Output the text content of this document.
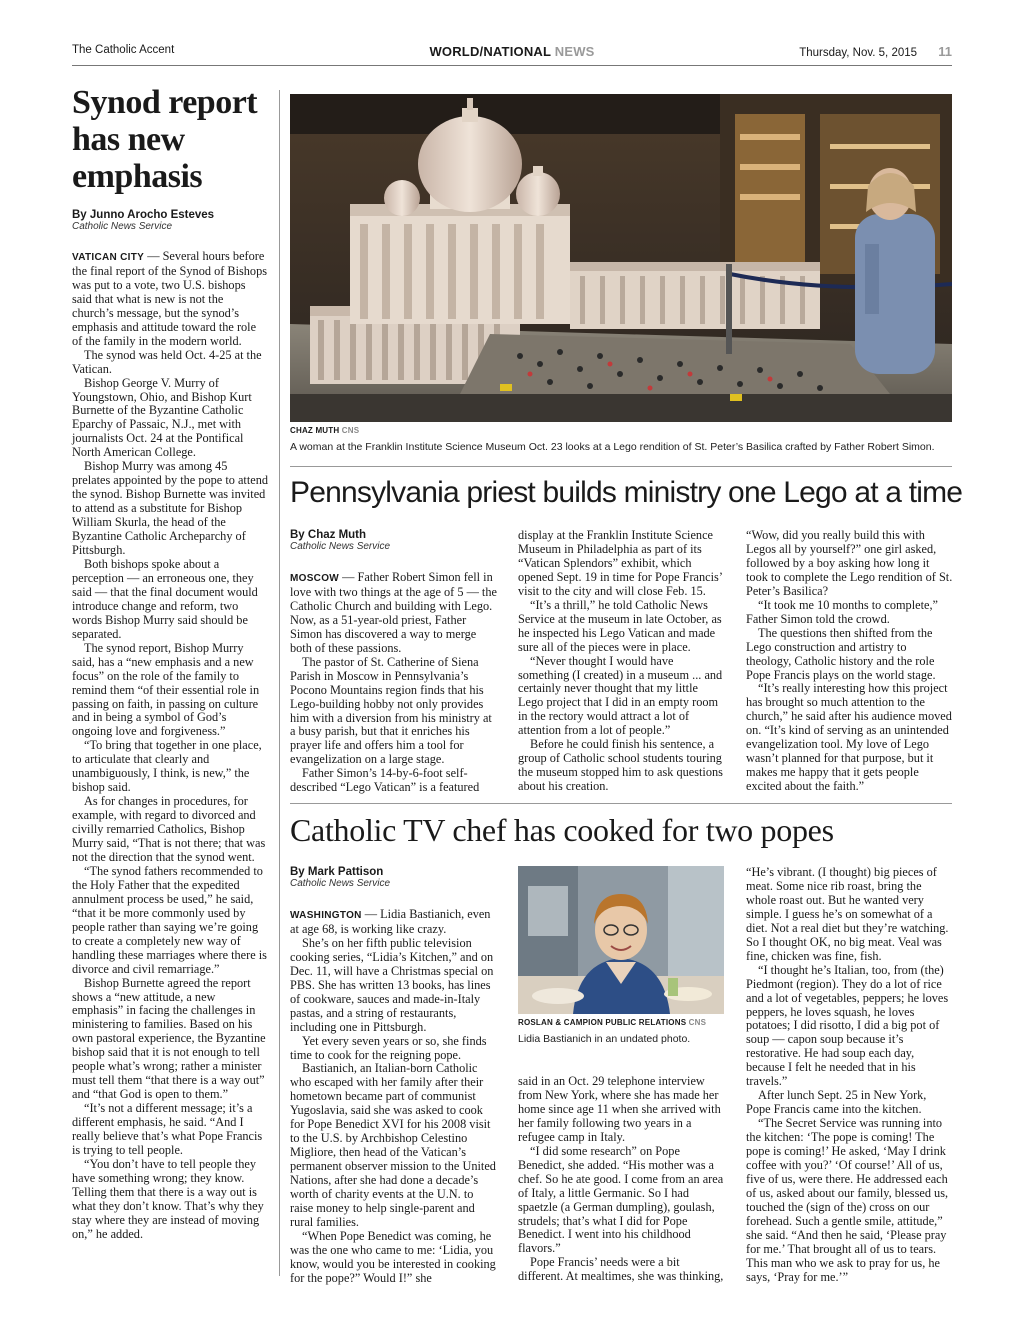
The Catholic Accent	WORLD/NATIONAL NEWS	Thursday, Nov. 5, 2015 11
Synod report has new emphasis
By Junno Arocho Esteves
Catholic News Service

VATICAN CITY — Several hours before the final report of the Synod of Bishops was put to a vote, two U.S. bishops said that what is new is not the church’s message, but the synod’s emphasis and attitude toward the role of the family in the modern world.

The synod was held Oct. 4-25 at the Vatican.

Bishop George V. Murry of Youngstown, Ohio, and Bishop Kurt Burnette of the Byzantine Catholic Eparchy of Passaic, N.J., met with journalists Oct. 24 at the Pontifical North American College.

Bishop Murry was among 45 prelates appointed by the pope to attend the synod. Bishop Burnette was invited to attend as a substitute for Bishop William Skurla, the head of the Byzantine Catholic Archeparchy of Pittsburgh.

Both bishops spoke about a perception — an erroneous one, they said — that the final document would introduce change and reform, two words Bishop Murry said should be separated.

The synod report, Bishop Murry said, has a “new emphasis and a new focus” on the role of the family to remind them “of their essential role in passing on faith, in passing on culture and in being a symbol of God’s ongoing love and forgiveness.”

“To bring that together in one place, to articulate that clearly and unambiguously, I think, is new,” the bishop said.

As for changes in procedures, for example, with regard to divorced and civilly remarried Catholics, Bishop Murry said, “That is not there; that was not the direction that the synod went.

“The synod fathers recommended to the Holy Father that the expedited annulment process be used,” he said, “that it be more commonly used by people rather than saying we’re going to create a completely new way of handling these marriages where there is divorce and civil remarriage.”

Bishop Burnette agreed the report shows a “new attitude, a new emphasis” in facing the challenges in ministering to families. Based on his own pastoral experience, the Byzantine bishop said that it is not enough to tell people what’s wrong; rather a minister must tell them “that there is a way out” and “that God is open to them.”

“It’s not a different message; it’s a different emphasis, he said. “And I really believe that’s what Pope Francis is trying to tell people.

“You don’t have to tell people they have something wrong; they know. Telling them that there is a way out is what they don’t know. That’s why they stay where they are instead of moving on,” he added.

CHAZ MUTH CNS
A woman at the Franklin Institute Science Museum Oct. 23 looks at a Lego rendition of St. Peter’s Basilica crafted by Father Robert Simon.
Pennsylvania priest builds ministry one Lego at a time
By Chaz Muth
Catholic News Service

MOSCOW — Father Robert Simon fell in love with two things at the age of 5 — the Catholic Church and building with Lego. Now, as a 51-year-old priest, Father Simon has discovered a way to merge both of these passions.

The pastor of St. Catherine of Siena Parish in Moscow in Pennsylvania’s Pocono Mountains region finds that his Lego-building hobby not only provides him with a diversion from his ministry at a busy parish, but that it enriches his prayer life and offers him a tool for evangelization on a large stage.

Father Simon’s 14-by-6-foot self-described “Lego Vatican” is a featured

display at the Franklin Institute Science Museum in Philadelphia as part of its “Vatican Splendors” exhibit, which opened Sept. 19 in time for Pope Francis’ visit to the city and will close Feb. 15.

“It’s a thrill,” he told Catholic News Service at the museum in late October, as he inspected his Lego Vatican and made sure all of the pieces were in place.

“Never thought I would have something (I created) in a museum ... and certainly never thought that my little Lego project that I did in an empty room in the rectory would attract a lot of attention from a lot of people.”

Before he could finish his sentence, a group of Catholic school students touring the museum stopped him to ask questions about his creation.

“Wow, did you really build this with Legos all by yourself?” one girl asked, followed by a boy asking how long it took to complete the Lego rendition of St. Peter’s Basilica?

“It took me 10 months to complete,” Father Simon told the crowd.

The questions then shifted from the Lego construction and artistry to theology, Catholic history and the role Pope Francis plays on the world stage.

“It’s really interesting how this project has brought so much attention to the church,” he said after his audience moved on. “It’s kind of serving as an unintended evangelization tool. My love of Lego wasn’t planned for that purpose, but it makes me happy that it gets people excited about the faith.”

Catholic TV chef has cooked for two popes
By Mark Pattison
Catholic News Service

WASHINGTON — Lidia Bastianich, even at age 68, is working like crazy.

She’s on her fifth public television cooking series, “Lidia’s Kitchen,” and on Dec. 11, will have a Christmas special on PBS. She has written 13 books, has lines of cookware, sauces and made-in-Italy pastas, and a string of restaurants, including one in Pittsburgh.

Yet every seven years or so, she finds time to cook for the reigning pope.

Bastianich, an Italian-born Catholic who escaped with her family after their hometown became part of communist Yugoslavia, said she was asked to cook for Pope Benedict XVI for his 2008 visit to the U.S. by Archbishop Celestino Migliore, then head of the Vatican’s permanent observer mission to the United Nations, after she had done a decade’s worth of charity events at the U.N. to raise money to help single-parent and rural families.

“When Pope Benedict was coming, he was the one who came to me: ‘Lidia, you know, would you be interested in cooking for the pope?” Would I!” she

ROSLAN & CAMPION PUBLIC RELATIONS CNS
Lidia Bastianich in an undated photo.

said in an Oct. 29 telephone interview from New York, where she has made her home since age 11 when she arrived with her family following two years in a refugee camp in Italy.

“I did some research” on Pope Benedict, she added. “His mother was a chef. So he ate good. I come from an area of Italy, a little Germanic. So I had spaetzle (a German dumpling), goulash, strudels; that’s what I did for Pope Benedict. I went into his childhood flavors.”

Pope Francis’ needs were a bit different. At mealtimes, she was thinking,

“He’s vibrant. (I thought) big pieces of meat. Some nice rib roast, bring the whole roast out. But he wanted very simple. I guess he’s on somewhat of a diet. Not a real diet but they’re watching. So I thought OK, no big meat. Veal was fine, chicken was fine, fish.

“I thought he’s Italian, too, from (the) Piedmont (region). They do a lot of rice and a lot of vegetables, peppers; he loves peppers, he loves squash, he loves potatoes; I did risotto, I did a big pot of soup — capon soup because it’s restorative. He had soup each day, because I felt he needed that in his travels.”

After lunch Sept. 25 in New York, Pope Francis came into the kitchen.

“The Secret Service was running into the kitchen: ‘The pope is coming! The pope is coming!’ He asked, ‘May I drink coffee with you?’ ‘Of course!’ All of us, five of us, were there. He addressed each of us, asked about our family, blessed us, touched the (sign of the) cross on our forehead. Such a gentle smile, attitude,” she said. “And then he said, ‘Please pray for me.’ That brought all of us to tears. This man who we ask to pray for us, he says, ‘Pray for me.’”
